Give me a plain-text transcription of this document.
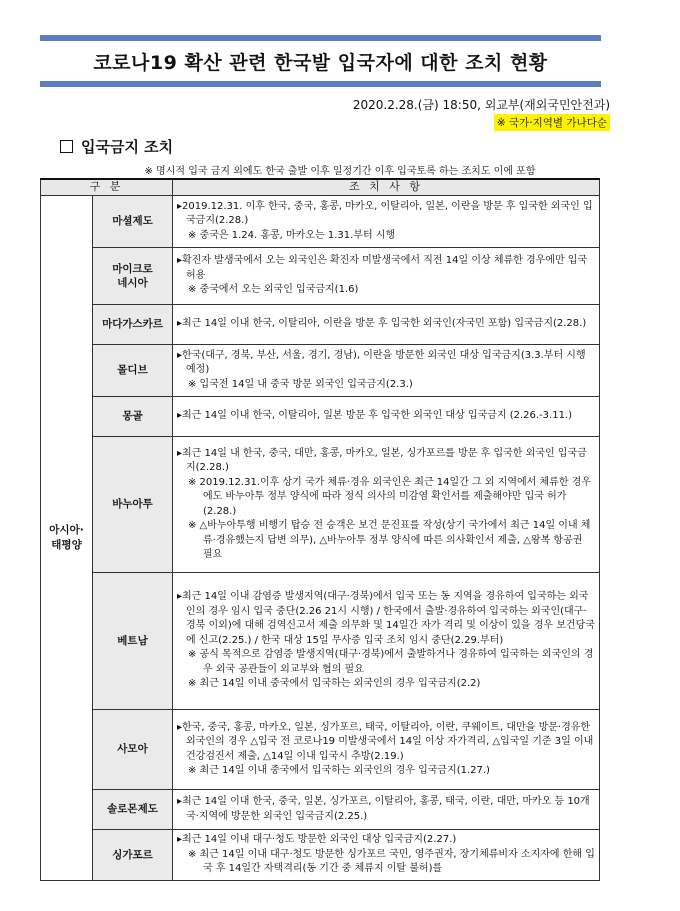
코로나19 확산 관련 한국발 입국자에 대한 조치 현황
2020.2.28.(금) 18:50, 외교부(재외국민안전과)
※ 국가·지역별 가나다순
입국금지 조치
※ 명시적 입국 금지 외에도 한국 출발 이후 일정기간 이후 입국토록 하는 조치도 이에 포함
구 분		조 치 사 항
아시아·
태평양	마셜제도	▸2019.12.31. 이후 한국, 중국, 홍콩, 마카오, 이탈리아, 일본, 이란을 방문 후 입국한 외국인 입국금지(2.28.)
※ 중국은 1.24. 홍콩, 마카오는 1.31.부터 시행

	마이크로
네시아	▸확진자 발생국에서 오는 외국인은 확진자 미발생국에서 직전 14일 이상 체류한 경우에만 입국 허용
※ 중국에서 오는 외국인 입국금지(1.6)

	마다가스카르	▸최근 14일 이내 한국, 이탈리아, 이란을 방문 후 입국한 외국인(자국민 포함) 입국금지(2.28.)

	몰디브	▸한국(대구, 경북, 부산, 서울, 경기, 경남), 이란을 방문한 외국인 대상 입국금지(3.3.부터 시행 예정)
※ 입국전 14일 내 중국 방문 외국인 입국금지(2.3.)

	몽골	▸최근 14일 이내 한국, 이탈리아, 일본 방문 후 입국한 외국인 대상 입국금지 (2.26.-3.11.)

	바누아투	▸최근 14일 내 한국, 중국, 대만, 홍콩, 마카오, 일본, 싱가포르를 방문 후 입국한 외국인 입국금지(2.28.)
※ 2019.12.31.이후 상기 국가 체류·경유 외국인은 최근 14일간 그 외 지역에서 체류한 경우에도 바누아투 정부 양식에 따라 정식 의사의 미감염 확인서를 제출해야만 입국 허가(2.28.)
※ △바누아투행 비행기 탑승 전 승객은 보건 문진표를 작성(상기 국가에서 최근 14일 이내 체류·경유했는지 답변 의무), △바누아투 정부 양식에 따른 의사확인서 제출, △왕복 항공권 필요

	베트남	▸최근 14일 이내 감염증 발생지역(대구·경북)에서 입국 또는 동 지역을 경유하여 입국하는 외국인의 경우 임시 입국 중단(2.26 21시 시행) / 한국에서 출발·경유하여 입국하는 외국인(대구·경북 이외)에 대해 검역신고서 제출 의무화 및 14일간 자가 격리 및 이상이 있을 경우 보건당국에 신고(2.25.) / 한국 대상 15일 무사증 입국 조치 임시 중단(2.29.부터)
※ 공식 목적으로 감염증 발생지역(대구·경북)에서 출발하거나 경유하여 입국하는 외국인의 경우 외국 공관들이 외교부와 협의 필요
※ 최근 14일 이내 중국에서 입국하는 외국인의 경우 입국금지(2.2)

	사모아	▸한국, 중국, 홍콩, 마카오, 일본, 싱가포르, 태국, 이탈리아, 이란, 쿠웨이트, 대만을 방문·경유한 외국인의 경우 △입국 전 코로나19 미발생국에서 14일 이상 자가격리, △입국일 기준 3일 이내 건강검진서 제출, △14일 이내 입국시 추방(2.19.)
※ 최근 14일 이내 중국에서 입국하는 외국인의 경우 입국금지(1.27.)

	솔로몬제도	▸최근 14일 이내 한국, 중국, 일본, 싱가포르, 이탈리아, 홍콩, 태국, 이란, 대만, 마카오 등 10개국·지역에 방문한 외국인 입국금지(2.25.)

	싱가포르	▸최근 14일 이내 대구·청도 방문한 외국인 대상 입국금지(2.27.)
※ 최근 14일 이내 대구·청도 방문한 싱가포르 국민, 영주권자, 장기체류비자 소지자에 한해 입국 후 14일간 자택격리(동 기간 중 체류지 이탈 불허)를
